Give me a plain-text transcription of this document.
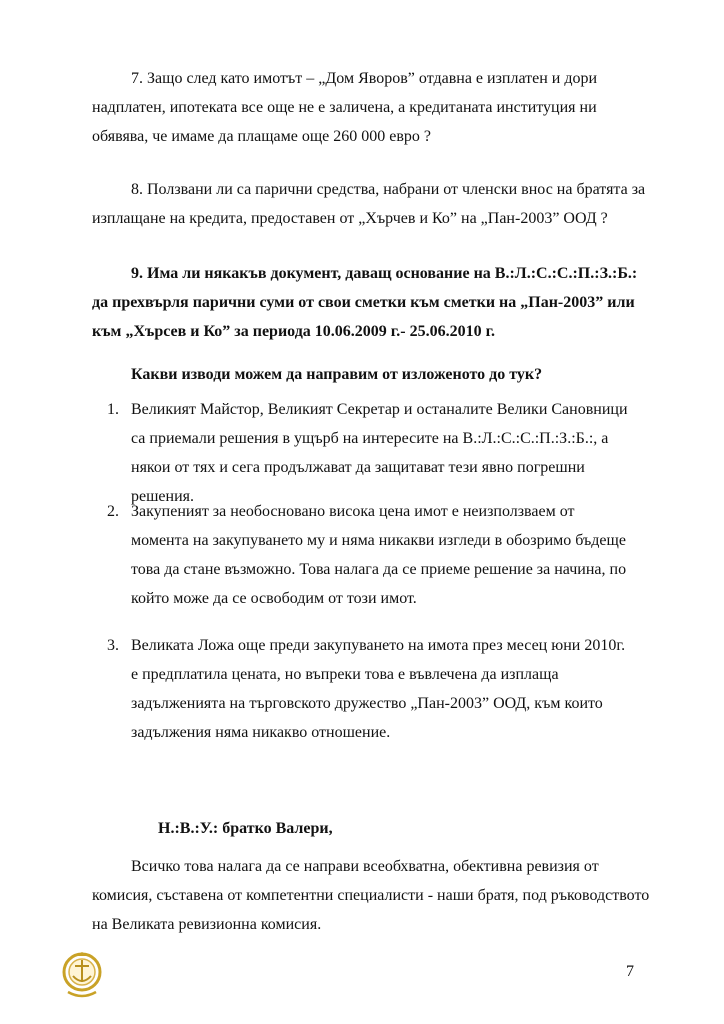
7. Защо след като имотът – „Дом Яворов” отдавна е изплатен и дори надплатен, ипотеката все още не е заличена, а кредитаната институция ни обявява, че имаме да плащаме още 260 000 евро ?

8. Ползвани ли са парични средства, набрани от членски внос на братята за изплащане на кредита, предоставен от „Хърчев и Ко” на „Пан-2003” ООД ?

9. Има ли някакъв документ, даващ основание на В.:Л.:С.:С.:П.:З.:Б.: да прехвърля парични суми от свои сметки към сметки на „Пан-2003” или към „Хърсев и Ко” за периода 10.06.2009 г.- 25.06.2010 г.

Какви изводи можем да направим от изложеното до тук?

1. Великият Майстор, Великият Секретар и останалите Велики Сановници са приемали решения в ущърб на интересите на В.:Л.:С.:С.:П.:З.:Б.:, а някои от тях и сега продължават да защитават тези явно погрешни решения.
2. Закупеният за необосновано висока цена имот е неизползваем от момента на закупуването му и няма никакви изгледи в обозримо бъдеще това да стане възможно. Това налага да се приеме решение за начина, по който може да се освободим от този имот.
3. Великата Ложа още преди закупуването на имота през месец юни 2010г. е предплатила цената, но въпреки това е въвлечена да изплаща задълженията на търговското дружество „Пан-2003” ООД, към които задължения няма никакво отношение.

Н.:В.:У.: братко Валери,

Всичко това налага да се направи всеобхватна, обективна ревизия от комисия, съставена от компетентни специалисти - наши братя, под ръководството на Великата ревизионна комисия.

7
